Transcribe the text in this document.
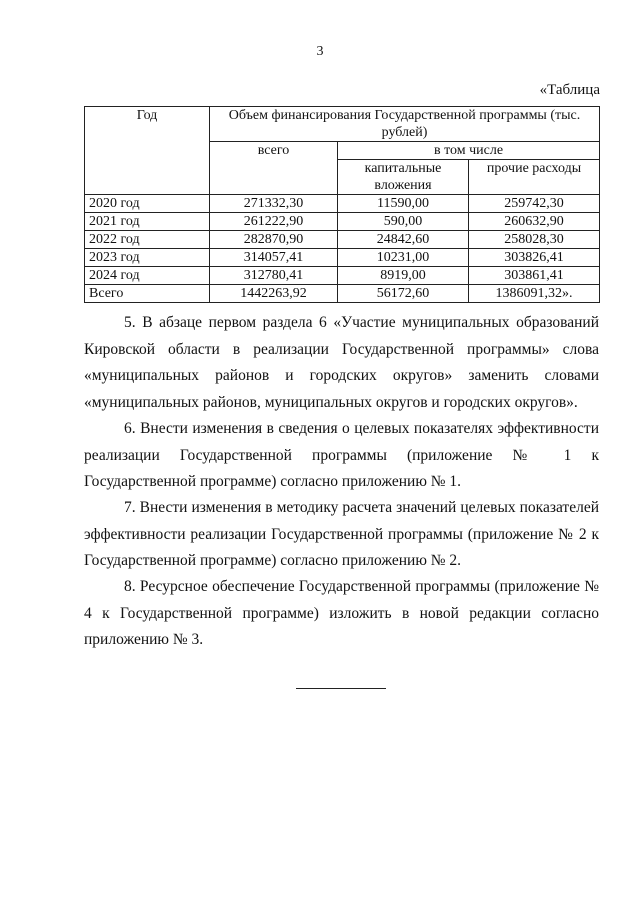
3
«Таблица
Год	Объем финансирования Государственной программы (тыс. рублей)		
	всего	в том числе	
		капитальные вложения	прочие расходы
2020 год	271332,30	11590,00	259742,30
2021 год	261222,90	590,00	260632,90
2022 год	282870,90	24842,60	258028,30
2023 год	314057,41	10231,00	303826,41
2024 год	312780,41	8919,00	303861,41
Всего	1442263,92	56172,60	1386091,32».

5. В абзаце первом раздела 6 «Участие муниципальных образований Кировской области в реализации Государственной программы» слова «муниципальных районов и городских округов» заменить словами «муниципальных районов, муниципальных округов и городских округов».

6. Внести изменения в сведения о целевых показателях эффективности реализации Государственной программы (приложение № 1 к Государственной программе) согласно приложению № 1.

7. Внести изменения в методику расчета значений целевых показателей эффективности реализации Государственной программы (приложение № 2 к Государственной программе) согласно приложению № 2.

8. Ресурсное обеспечение Государственной программы (приложение № 4 к Государственной программе) изложить в новой редакции согласно приложению № 3.
